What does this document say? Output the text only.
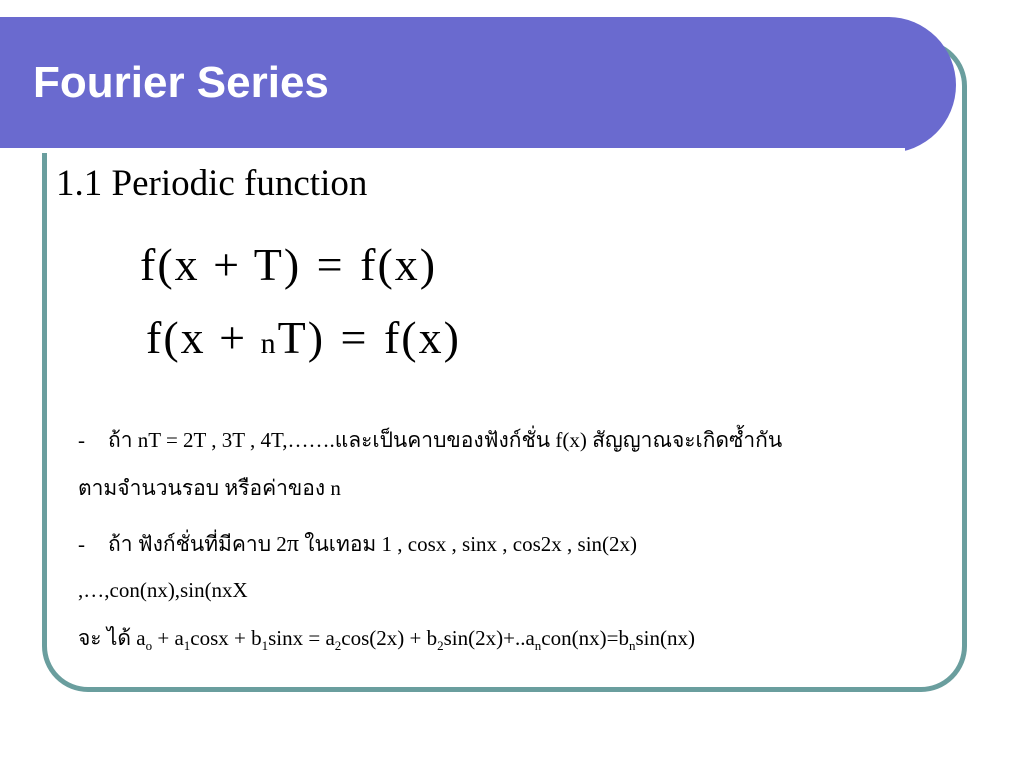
Fourier Series
1.1 Periodic function
f(x + T) = f(x)
f(x + nT) = f(x)
- ถ้า nT = 2T , 3T , 4T,…….และเป็นคาบของฟังก์ชั่น f(x) สัญญาณจะเกิดซ้ำกัน
ตามจำนวนรอบ หรือค่าของ n
- ถ้า ฟังก์ชั่นที่มีคาบ 2π ในเทอม 1 , cosx , sinx , cos2x , sin(2x)
,…,con(nx),sin(nxX
จะ ได้ $a_o + a_1\cos x + b_1\sin x = a_2\cos(2x) + b_2\sin(2x)+..a_ncon(nx)=b_n\sin(nx)$
